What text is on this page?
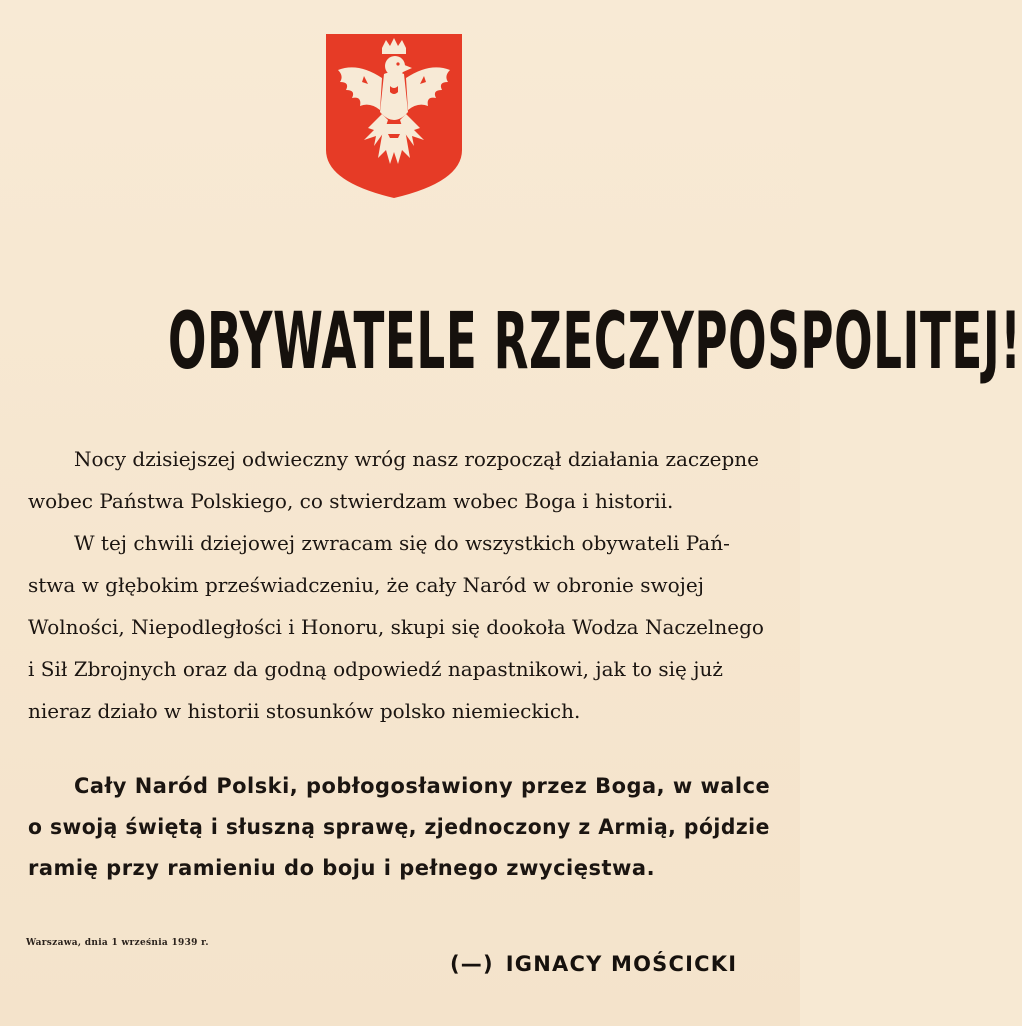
OBYWATELE RZECZYPOSPOLITEJ!
Nocy dzisiejszej odwieczny wróg nasz rozpoczął działania zaczepne
wobec Państwa Polskiego, co stwierdzam wobec Boga i historii.
W tej chwili dziejowej zwracam się do wszystkich obywateli Pań-
stwa w głębokim przeświadczeniu, że cały Naród w obronie swojej
Wolności, Niepodległości i Honoru, skupi się dookoła Wodza Naczelnego
i Sił Zbrojnych oraz da godną odpowiedź napastnikowi, jak to się już
nieraz działo w historii stosunków polsko niemieckich.
Cały Naród Polski, pobłogosławiony przez Boga, w walce
o swoją świętą i słuszną sprawę, zjednoczony z Armią, pójdzie
ramię przy ramieniu do boju i pełnego zwycięstwa.
Warszawa, dnia 1 września 1939 r.
(—) IGNACY MOŚCICKI
